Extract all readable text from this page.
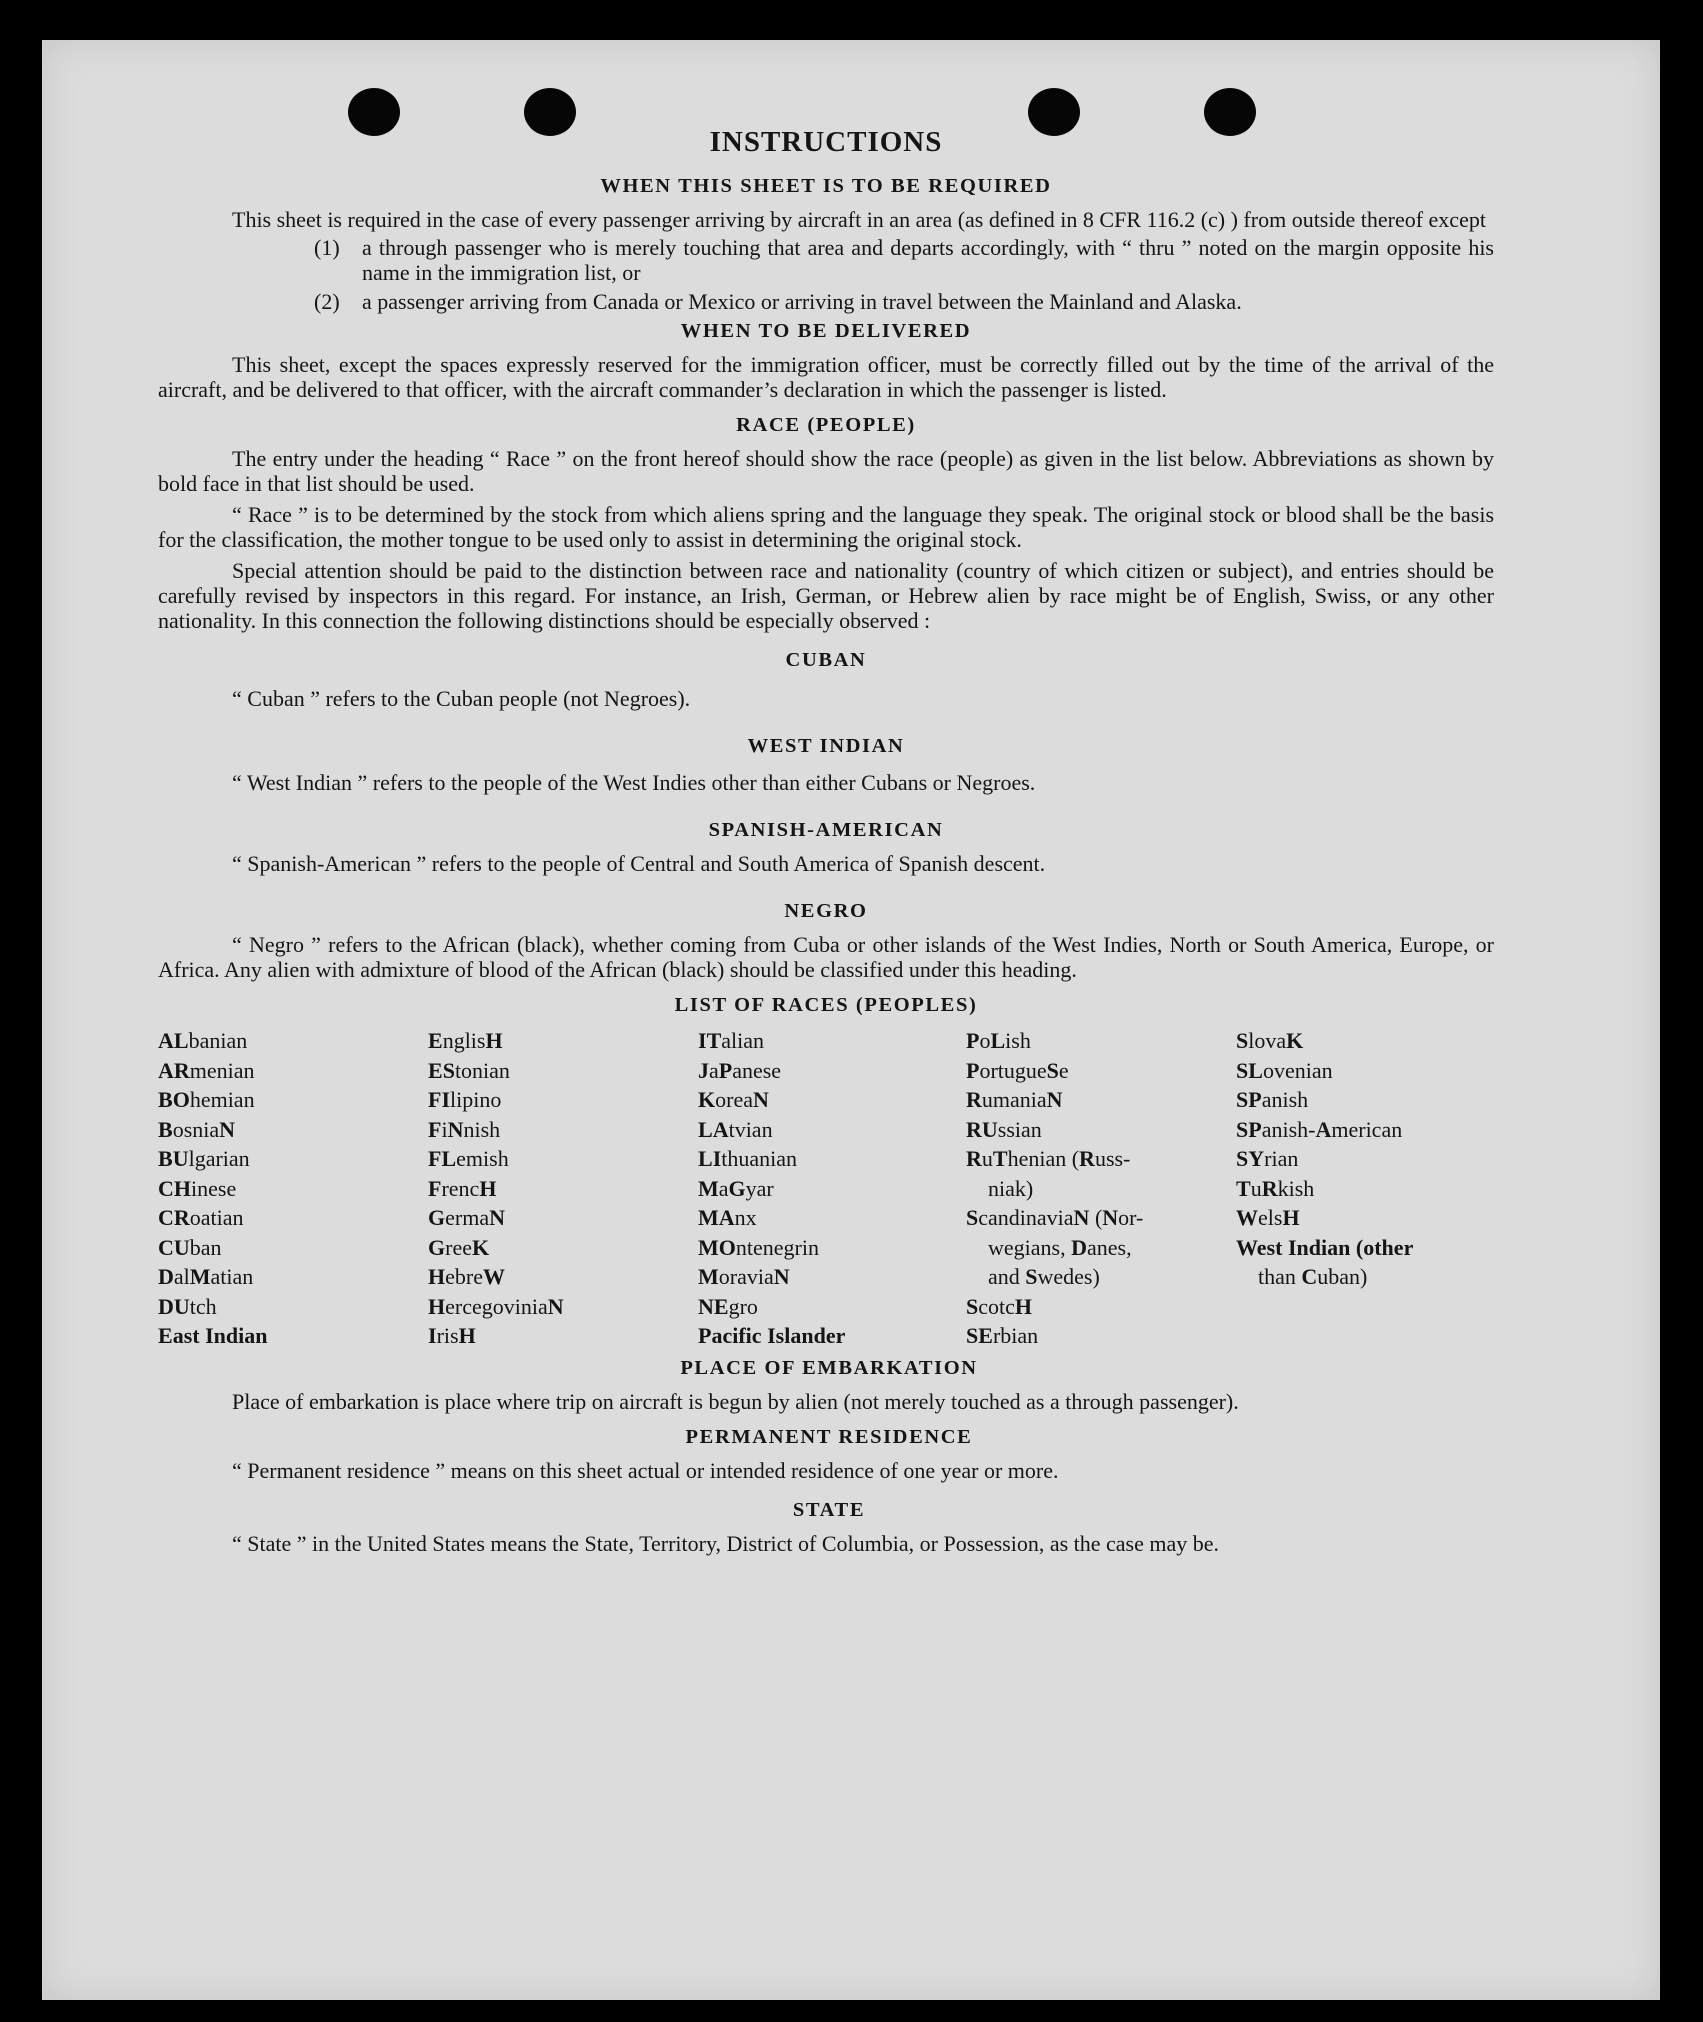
INSTRUCTIONS
WHEN THIS SHEET IS TO BE REQUIRED

This sheet is required in the case of every passenger arriving by aircraft in an area (as defined in 8 CFR 116.2 (c) ) from outside thereof except

(1) a through passenger who is merely touching that area and departs accordingly, with “ thru ” noted on the margin opposite his name in the immigration list, or
(2) a passenger arriving from Canada or Mexico or arriving in travel between the Mainland and Alaska.
WHEN TO BE DELIVERED

This sheet, except the spaces expressly reserved for the immigration officer, must be correctly filled out by the time of the arrival of the aircraft, and be delivered to that officer, with the aircraft commander’s declaration in which the passenger is listed.

RACE (PEOPLE)

The entry under the heading “ Race ” on the front hereof should show the race (people) as given in the list below. Abbreviations as shown by bold face in that list should be used.

“ Race ” is to be determined by the stock from which aliens spring and the language they speak. The original stock or blood shall be the basis for the classification, the mother tongue to be used only to assist in determining the original stock.

Special attention should be paid to the distinction between race and nationality (country of which citizen or subject), and entries should be carefully revised by inspectors in this regard. For instance, an Irish, German, or Hebrew alien by race might be of English, Swiss, or any other nationality. In this connection the following distinctions should be especially observed :

CUBAN
“ Cuban ” refers to the Cuban people (not Negroes).
WEST INDIAN
“ West Indian ” refers to the people of the West Indies other than either Cubans or Negroes.
SPANISH-AMERICAN
“ Spanish-American ” refers to the people of Central and South America of Spanish descent.
NEGRO

“ Negro ” refers to the African (black), whether coming from Cuba or other islands of the West Indies, North or South America, Europe, or Africa. Any alien with admixture of blood of the African (black) should be classified under this heading.

LIST OF RACES (PEOPLES)
ALbanian
ARmenian
BOhemian
BosniaN
BUlgarian
CHinese
CRoatian
CUban
DalMatian
DUtch
East Indian
EnglisH
EStonian
FIlipino
FiNnish
FLemish
FrencH
GermaN
GreeK
HebreW
HercegoviniaN
IrisH
ITalian
JaPanese
KoreaN
LAtvian
LIthuanian
MaGyar
MAnx
MOntenegrin
MoraviaN
NEgro
Pacific Islander
PoLish
PortugueSe
RumaniaN
RUssian
RuThenian (Russ-
niak)
ScandinaviaN (Nor-
wegians, Danes,
and Swedes)
ScotcH
SErbian
SlovaK
SLovenian
SPanish
SPanish-American
SYrian
TuRkish
WelsH
West Indian (other
than Cuban)
PLACE OF EMBARKATION

Place of embarkation is place where trip on aircraft is begun by alien (not merely touched as a through passenger).

PERMANENT RESIDENCE
“ Permanent residence ” means on this sheet actual or intended residence of one year or more.
STATE

“ State ” in the United States means the State, Territory, District of Columbia, or Possession, as the case may be.
